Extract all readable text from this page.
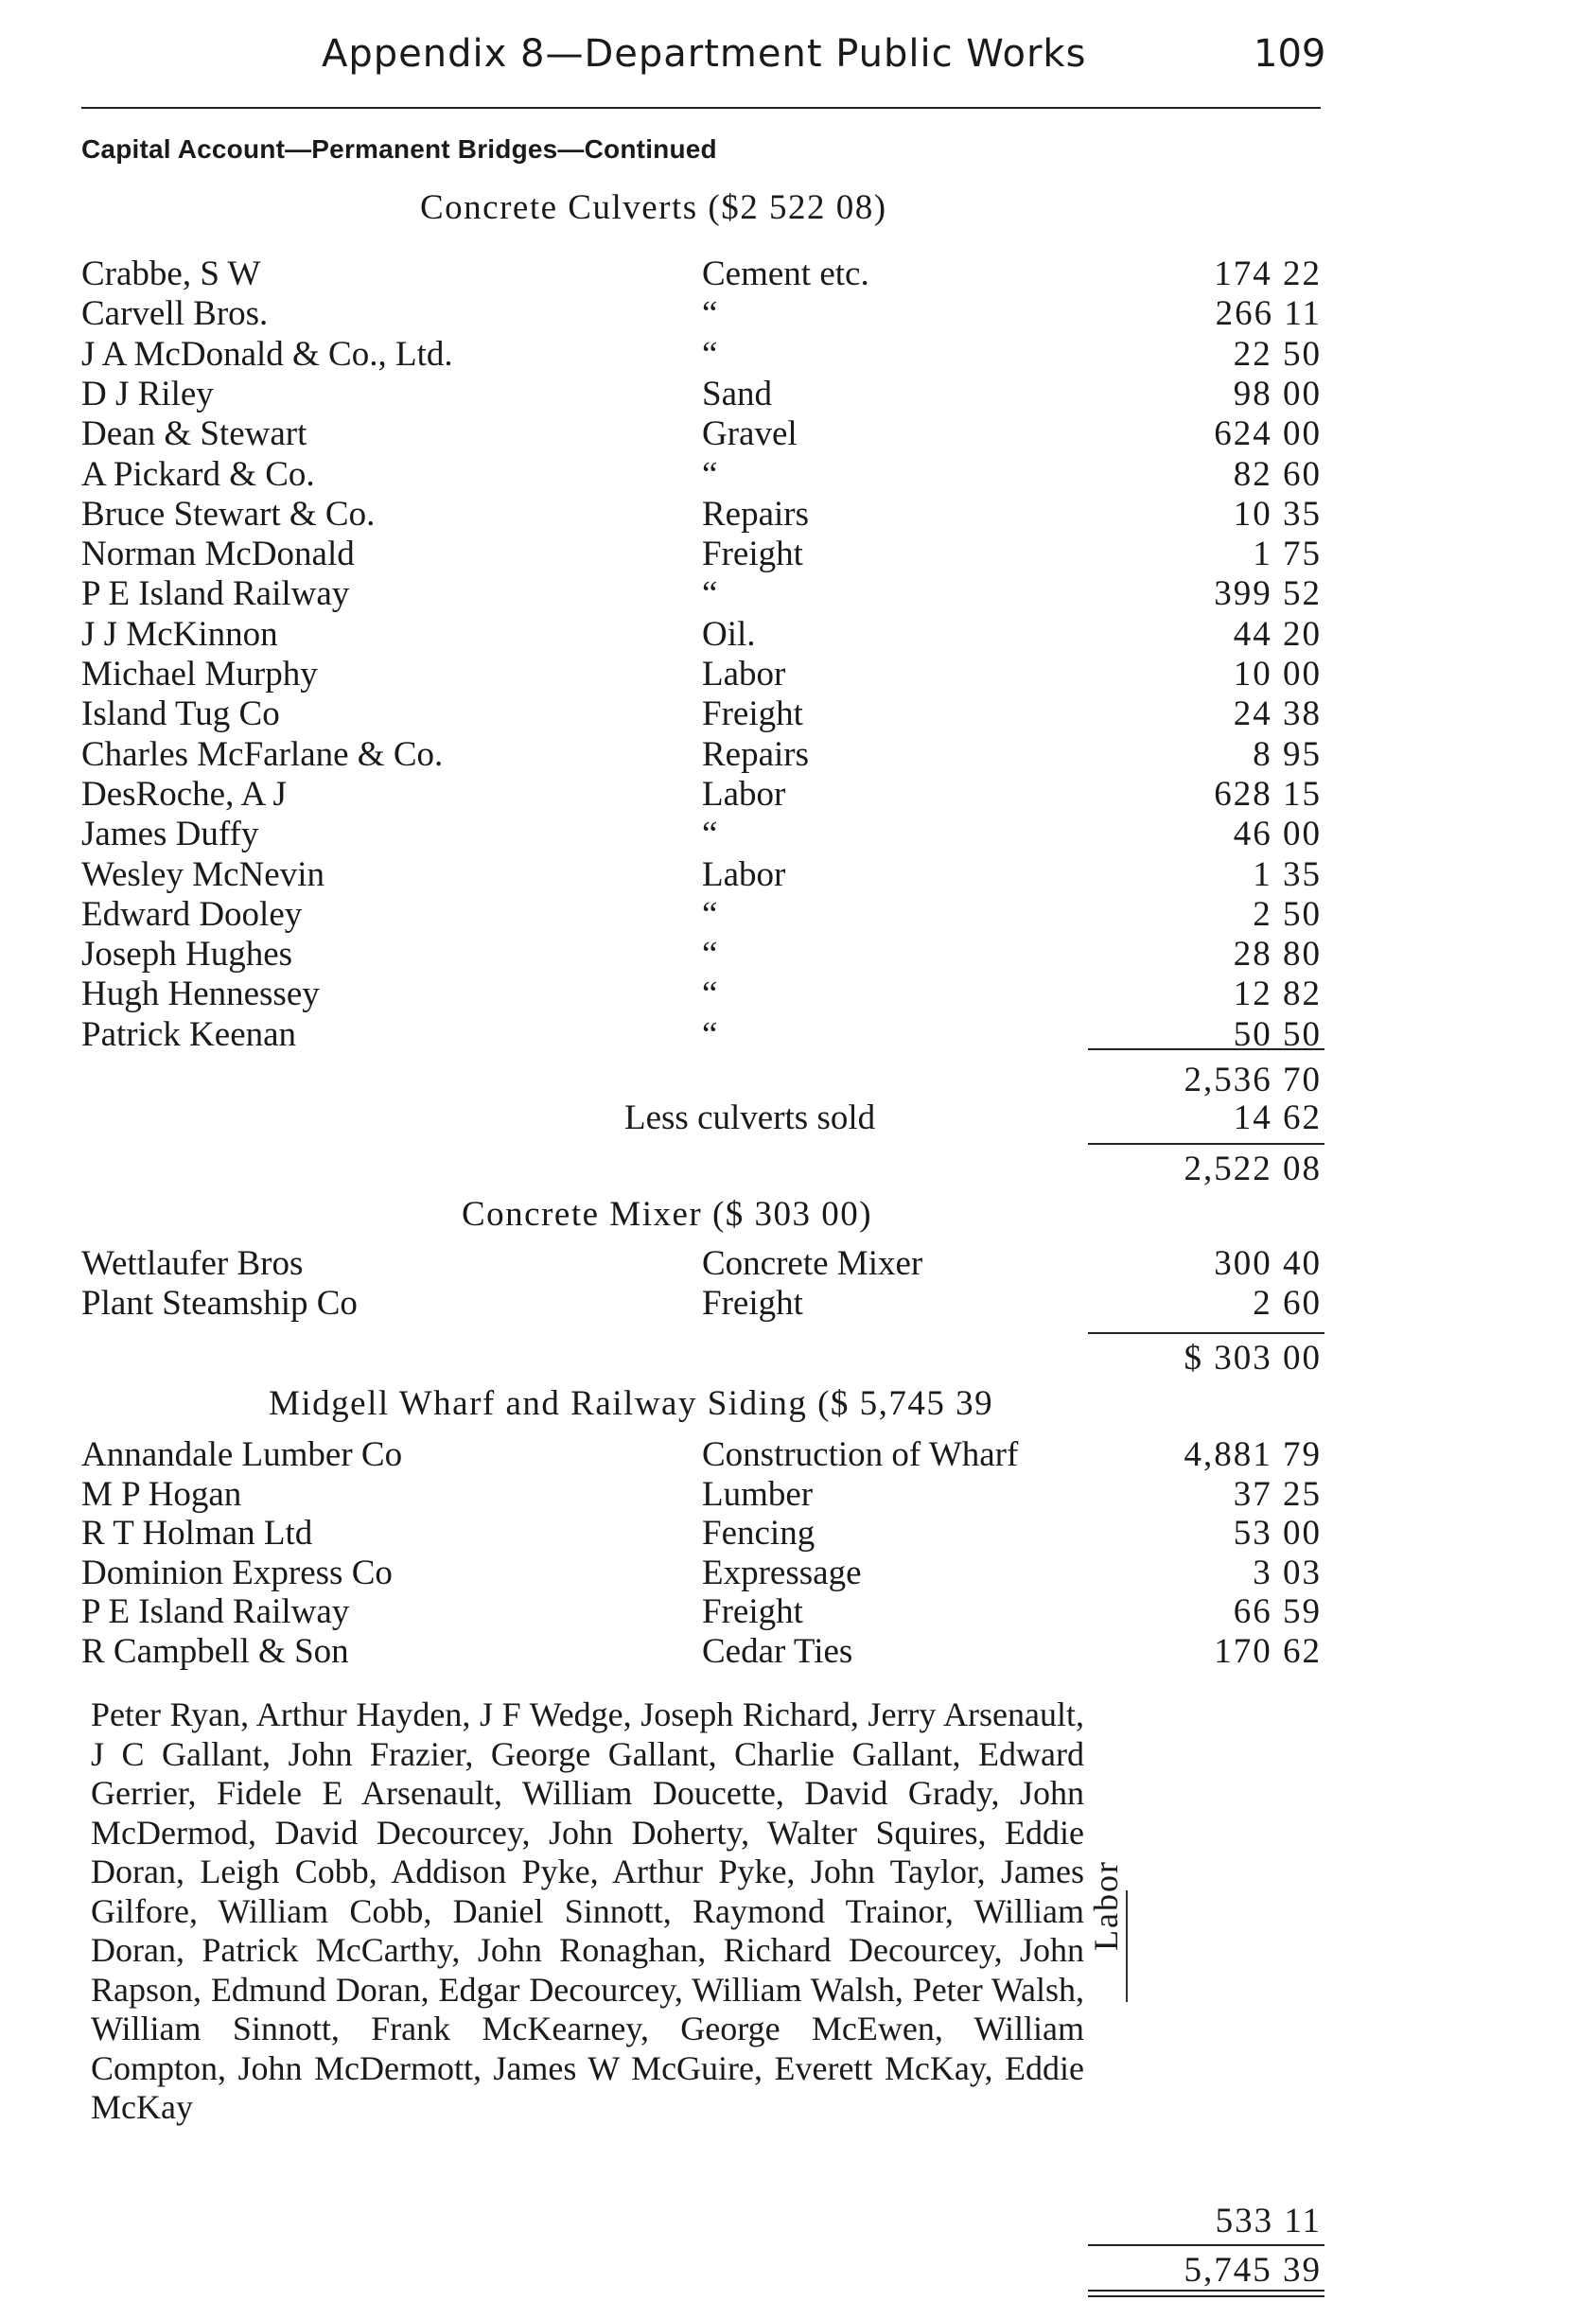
Appendix 8—Department Public Works	109
Capital Account—Permanent Bridges—Continued
Concrete Culverts ($2 522 08)
Crabbe, S W	Cement etc.	174 22
Carvell Bros.	“	266 11
J A McDonald & Co., Ltd.	“	22 50
D J Riley	Sand	98 00
Dean & Stewart	Gravel	624 00
A Pickard & Co.	“	82 60
Bruce Stewart & Co.	Repairs	10 35
Norman McDonald	Freight	1 75
P E Island Railway	“	399 52
J J McKinnon	Oil.	44 20
Michael Murphy	Labor	10 00
Island Tug Co	Freight	24 38
Charles McFarlane & Co.	Repairs	8 95
DesRoche, A J	Labor	628 15
James Duffy	“	46 00
Wesley McNevin	Labor	1 35
Edward Dooley	“	2 50
Joseph Hughes	“	28 80
Hugh Hennessey	“	12 82
Patrick Keenan	“	50 50
2,536 70
Less culverts sold	14 62
2,522 08
Concrete Mixer ($ 303 00)
Wettlaufer Bros	Concrete Mixer	300 40
Plant Steamship Co	Freight	2 60
$ 303 00
Midgell Wharf and Railway Siding ($ 5,745 39
Annandale Lumber Co	Construction of Wharf	4,881 79
M P Hogan	Lumber	37 25
R T Holman Ltd	Fencing	53 00
Dominion Express Co	Expressage	3 03
P E Island Railway	Freight	66 59
R Campbell & Son	Cedar Ties	170 62
Peter Ryan, Arthur Hayden, J F Wedge, Joseph Richard, Jerry Arsenault, J C Gallant, John Frazier, George Gallant, Charlie Gallant, Edward Gerrier, Fidele E Arsenault, William Doucette, David Grady, John McDermod, David Decourcey, John Doherty, Walter Squires, Eddie Doran, Leigh Cobb, Addison Pyke, Arthur Pyke, John Taylor, James Gilfore, William Cobb, Daniel Sinnott, Raymond Trainor, William Doran, Patrick McCarthy, John Ronaghan, Richard Decourcey, John Rapson, Edmund Doran, Edgar Decourcey, William Walsh, Peter Walsh, William Sinnott, Frank McKearney, George McEwen, William Compton, John McDermott, James W McGuire, Everett McKay, Eddie McKay
Labor
533 11
5,745 39
